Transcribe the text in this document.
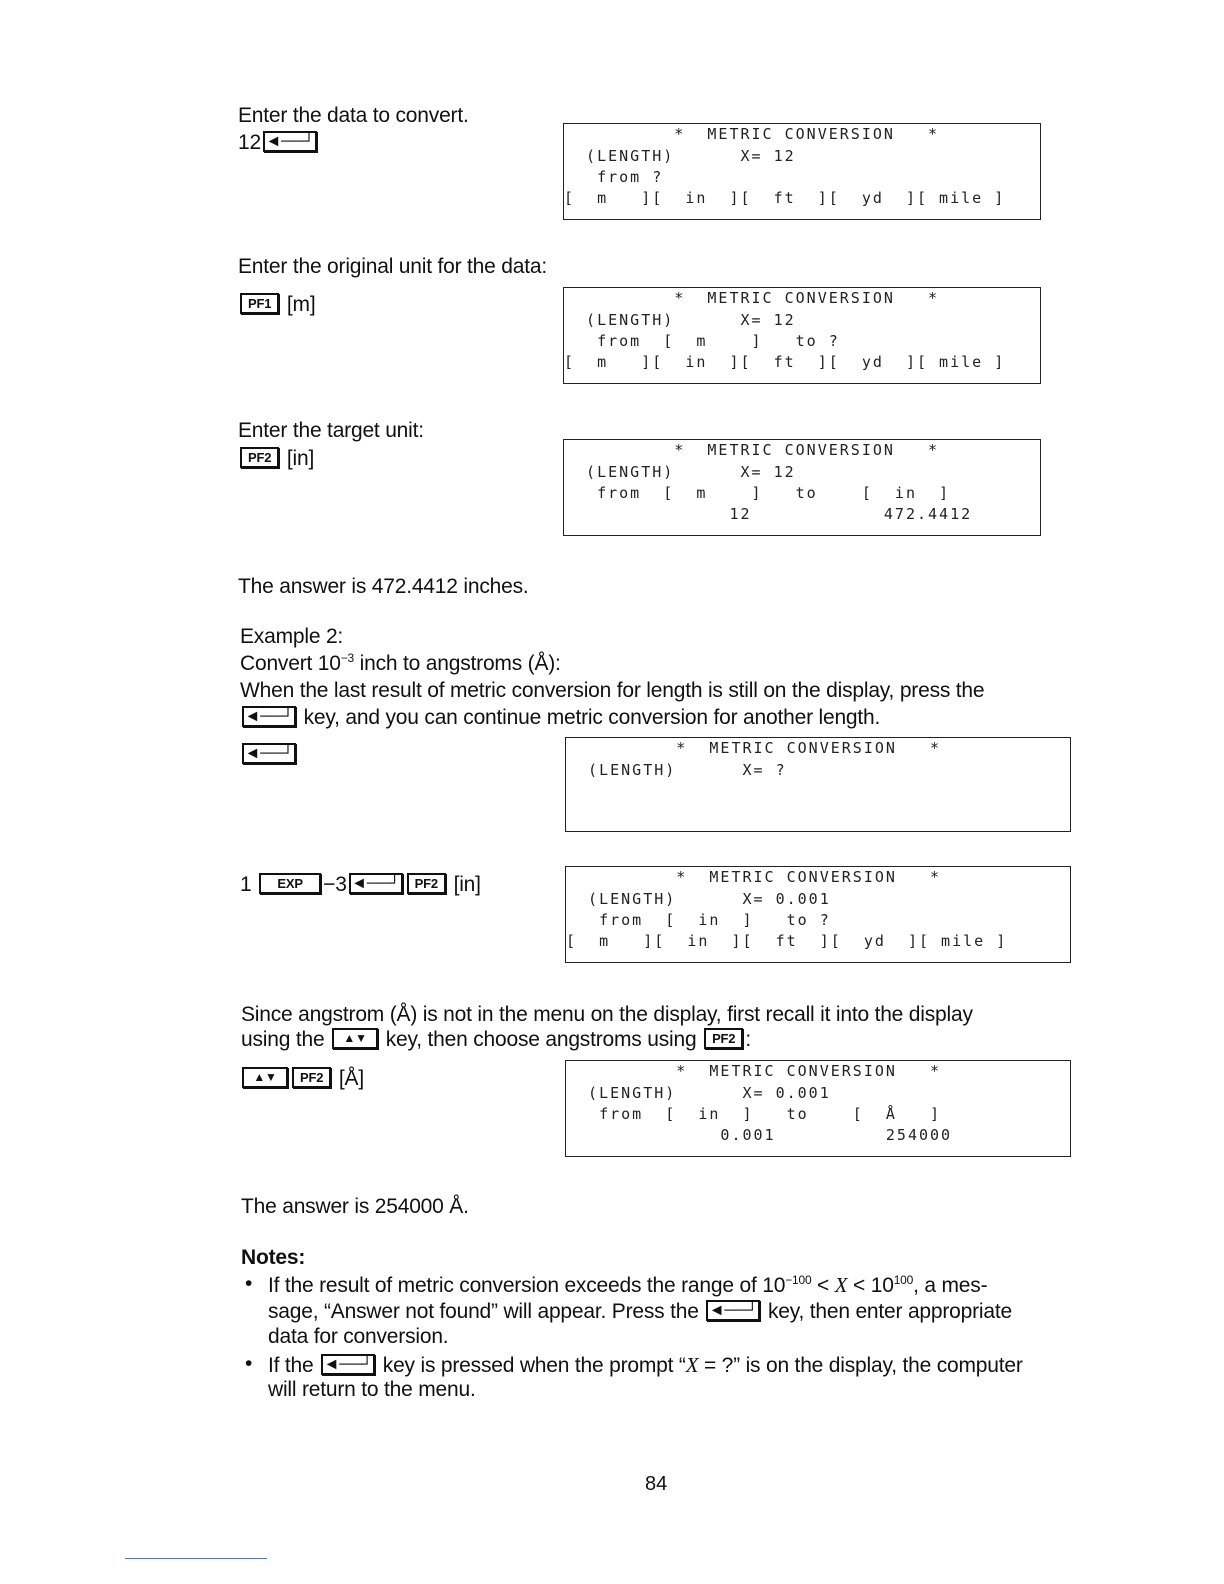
Enter the data to convert.
12 ◄──┘	*  METRIC CONVERSION   *
(LENGTH)      X= 12
from ?
[  m   ][  in  ][  ft  ][  yd  ][ mile ]
Enter the original unit for the data:
PF1 [m]	*  METRIC CONVERSION   *
(LENGTH)      X= 12
from  [  m    ]   to ?
[  m   ][  in  ][  ft  ][  yd  ][ mile ]
Enter the target unit:
PF2 [in]	*  METRIC CONVERSION   *
(LENGTH)      X= 12
from  [  m    ]   to    [  in  ]
12            472.4412
The answer is 472.4412 inches.
Example 2:
Convert $10^{-3}$ inch to angstroms (Å):
When the last result of metric conversion for length is still on the display, press the
◄──┘ key, and you can continue metric conversion for another length.
◄──┘	*  METRIC CONVERSION   *
(LENGTH)      X= ?
1 EXP −3 ◄──┘ PF2 [in]	*  METRIC CONVERSION   *
(LENGTH)      X= 0.001
from  [  in  ]   to ?
[  m   ][  in  ][  ft  ][  yd  ][ mile ]
Since angstrom (Å) is not in the menu on the display, first recall it into the display
using the ▲▼ key, then choose angstroms using PF2 :
▲▼ PF2 [Å]	*  METRIC CONVERSION   *
(LENGTH)      X= 0.001
from  [  in  ]   to    [  Å   ]
0.001          254000
The answer is 254000 Å.
Notes:
• If the result of metric conversion exceeds the range of $10^{-100} < X < 10^{100}$, a mes-
sage, “Answer not found” will appear. Press the ◄──┘ key, then enter appropriate
data for conversion.
• If the ◄──┘ key is pressed when the prompt “X = ?” is on the display, the computer
will return to the menu.
84
